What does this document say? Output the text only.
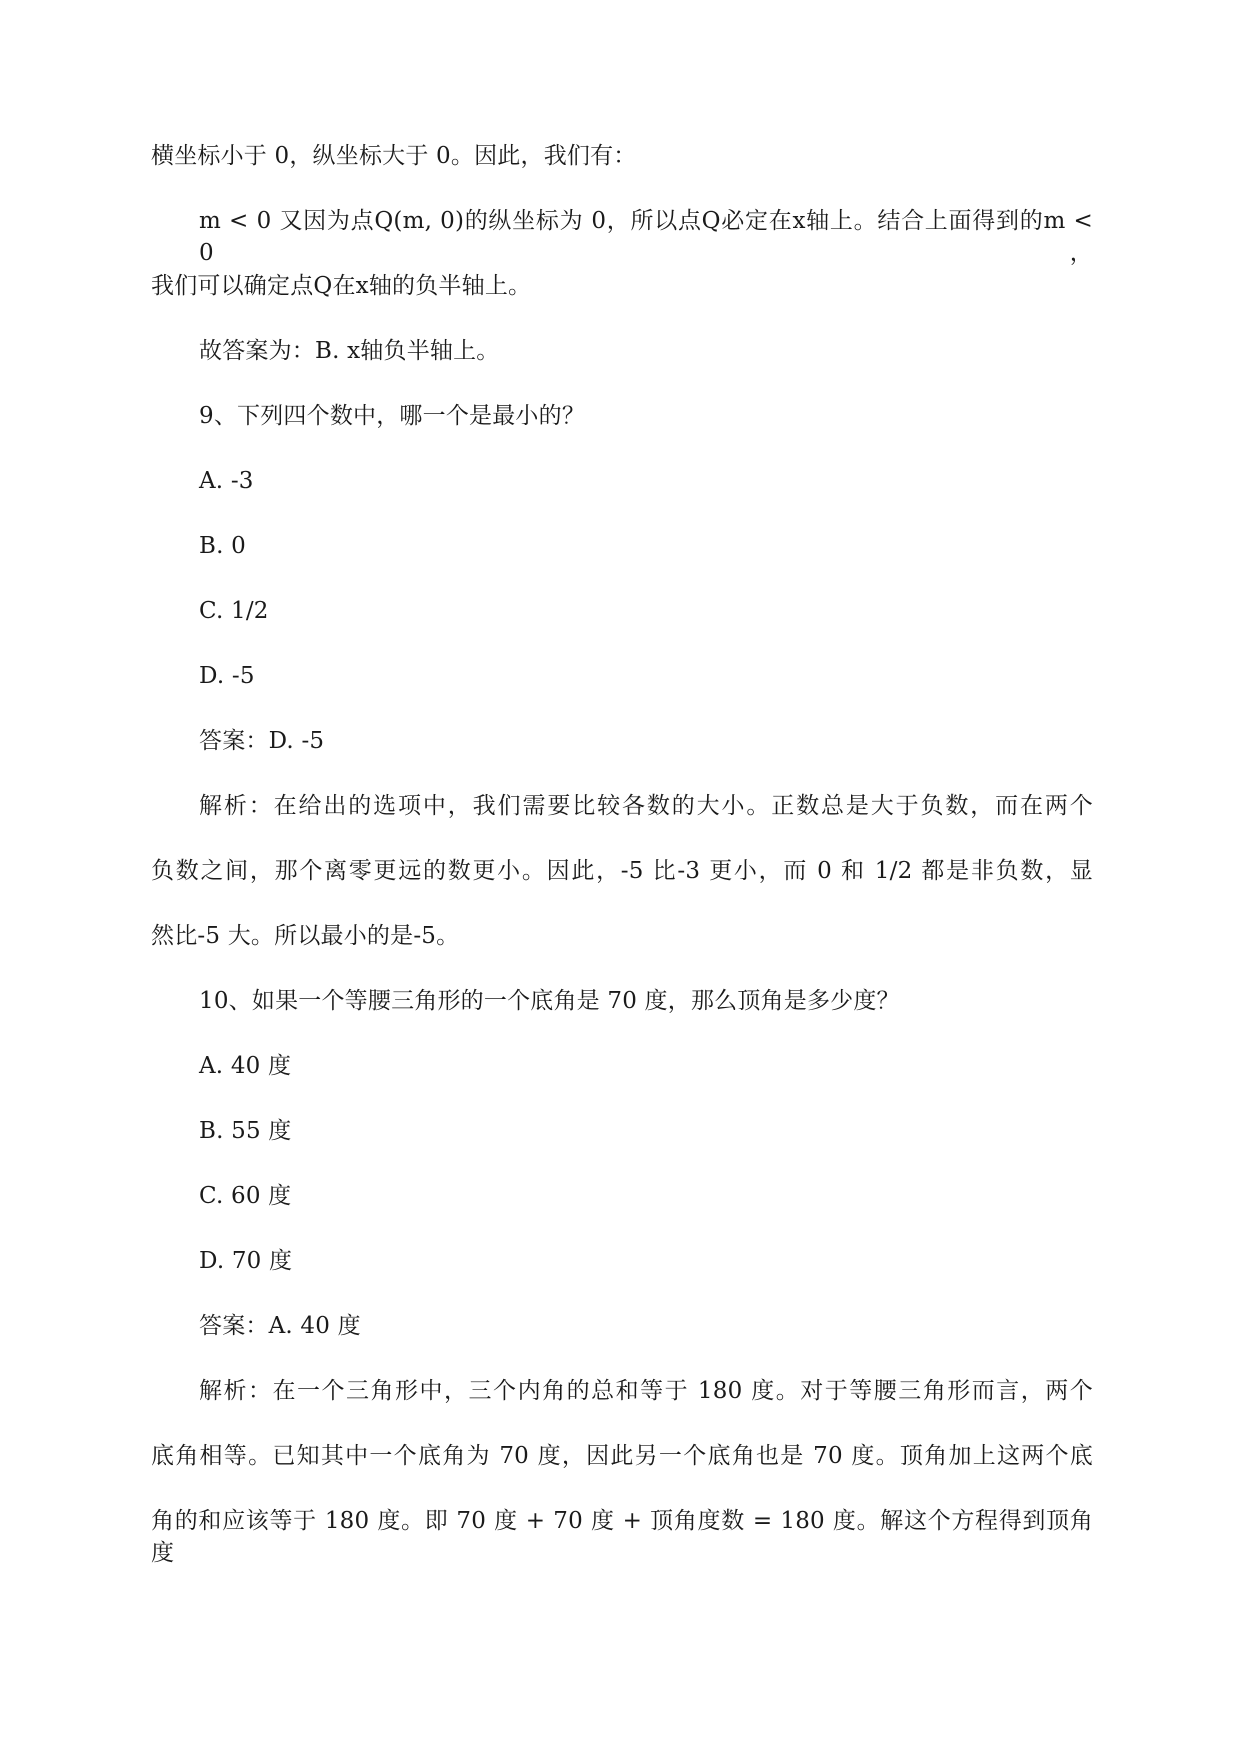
横坐标小于 0，纵坐标大于 0。因此，我们有：
m < 0 又因为点Q(m, 0)的纵坐标为 0，所以点Q必定在x轴上。结合上面得到的m < 0，
我们可以确定点Q在x轴的负半轴上。
故答案为：B. x轴负半轴上。
9、下列四个数中，哪一个是最小的？
A. -3
B. 0
C. 1/2
D. -5
答案：D. -5
解析：在给出的选项中，我们需要比较各数的大小。正数总是大于负数，而在两个
负数之间，那个离零更远的数更小。因此，-5 比-3 更小，而 0 和 1/2 都是非负数，显
然比-5 大。所以最小的是-5。
10、如果一个等腰三角形的一个底角是 70 度，那么顶角是多少度？
A. 40 度
B. 55 度
C. 60 度
D. 70 度
答案：A. 40 度
解析：在一个三角形中，三个内角的总和等于 180 度。对于等腰三角形而言，两个
底角相等。已知其中一个底角为 70 度，因此另一个底角也是 70 度。顶角加上这两个底
角的和应该等于 180 度。即 70 度 + 70 度 + 顶角度数 = 180 度。解这个方程得到顶角度
